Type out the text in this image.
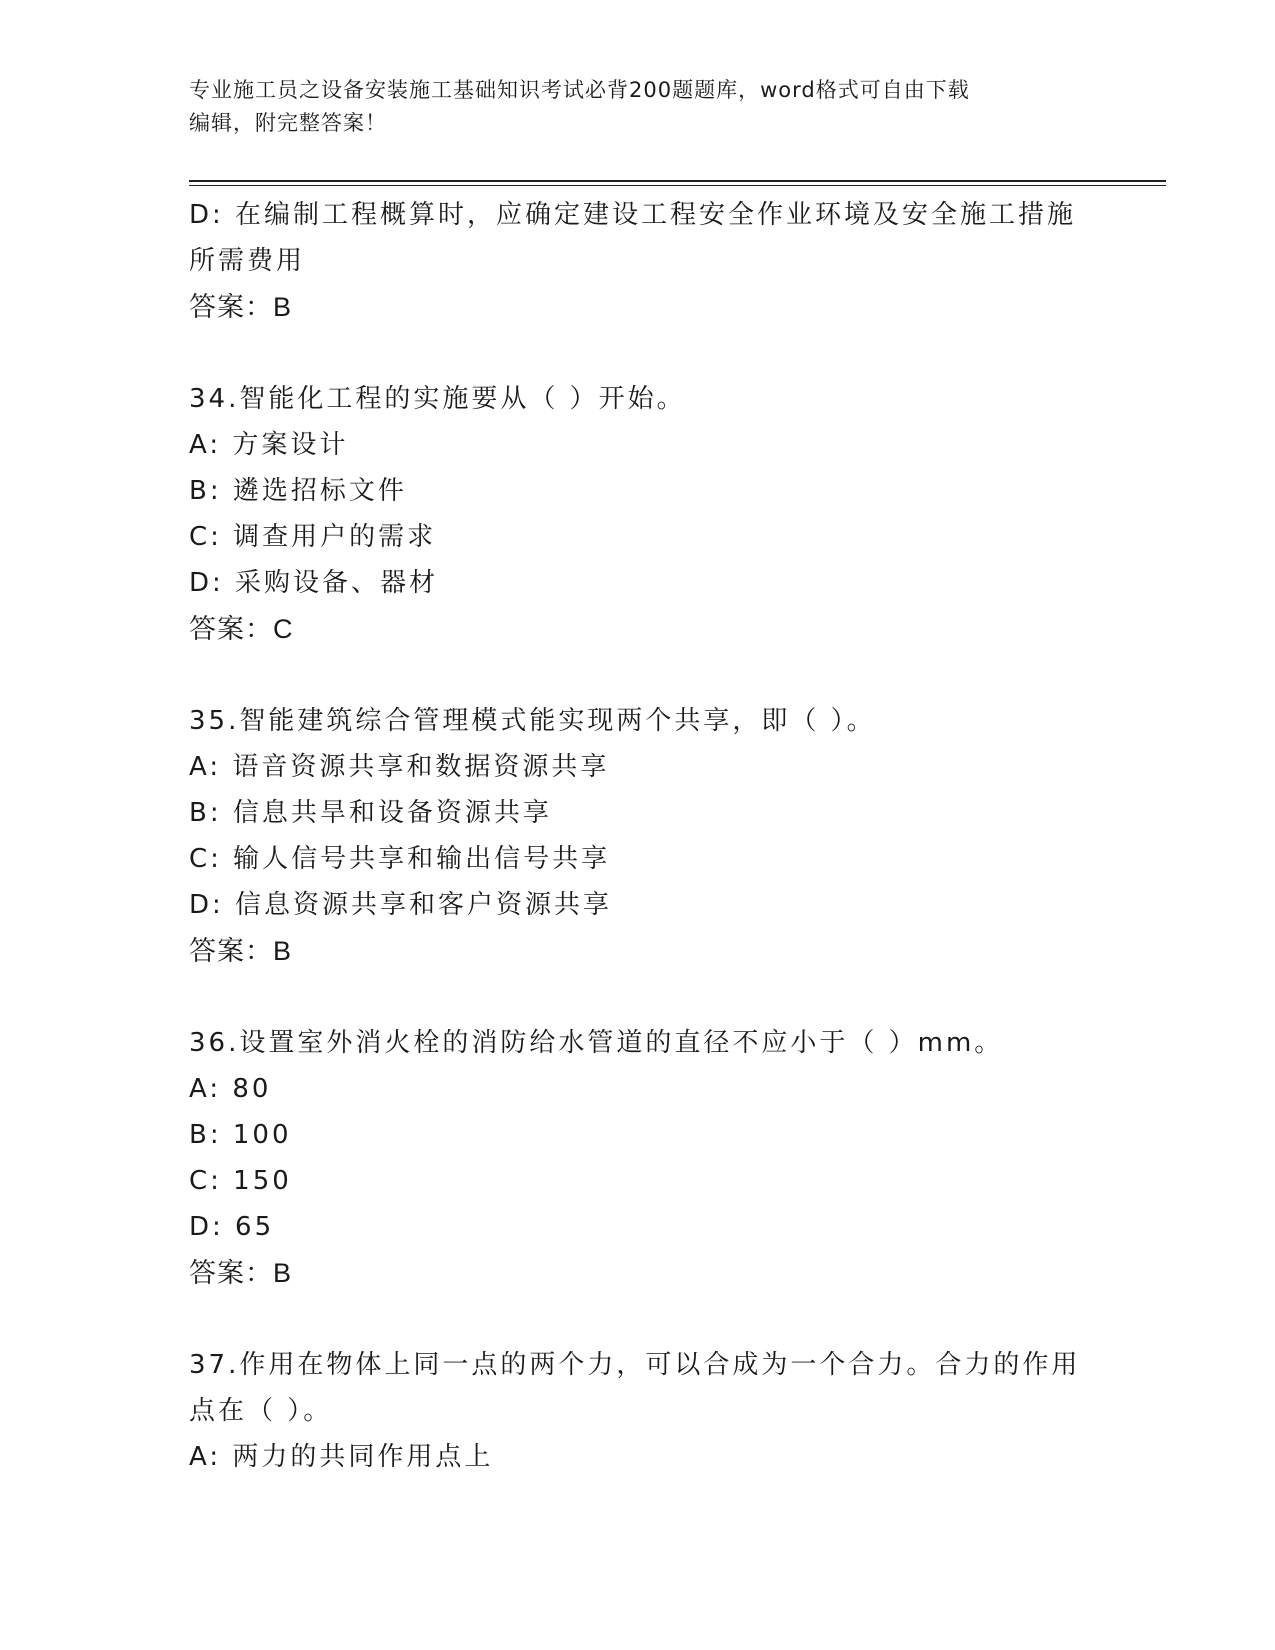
专业施工员之设备安装施工基础知识考试必背200题题库，word格式可自由下载
编辑，附完整答案！
D: 在编制工程概算时，应确定建设工程安全作业环境及安全施工措施
所需费用
答案：B
34.智能化工程的实施要从（ ）开始。
A: 方案设计
B: 遴选招标文件
C: 调查用户的需求
D: 采购设备、器材
答案：C
35.智能建筑综合管理模式能实现两个共享，即（ ）。
A: 语音资源共享和数据资源共享
B: 信息共旱和设备资源共享
C: 输人信号共享和输出信号共享
D: 信息资源共享和客户资源共享
答案：B
36.设置室外消火栓的消防给水管道的直径不应小于（ ）mm。
A: 80
B: 100
C: 150
D: 65
答案：B
37.作用在物体上同一点的两个力，可以合成为一个合力。合力的作用
点在（ ）。
A: 两力的共同作用点上
